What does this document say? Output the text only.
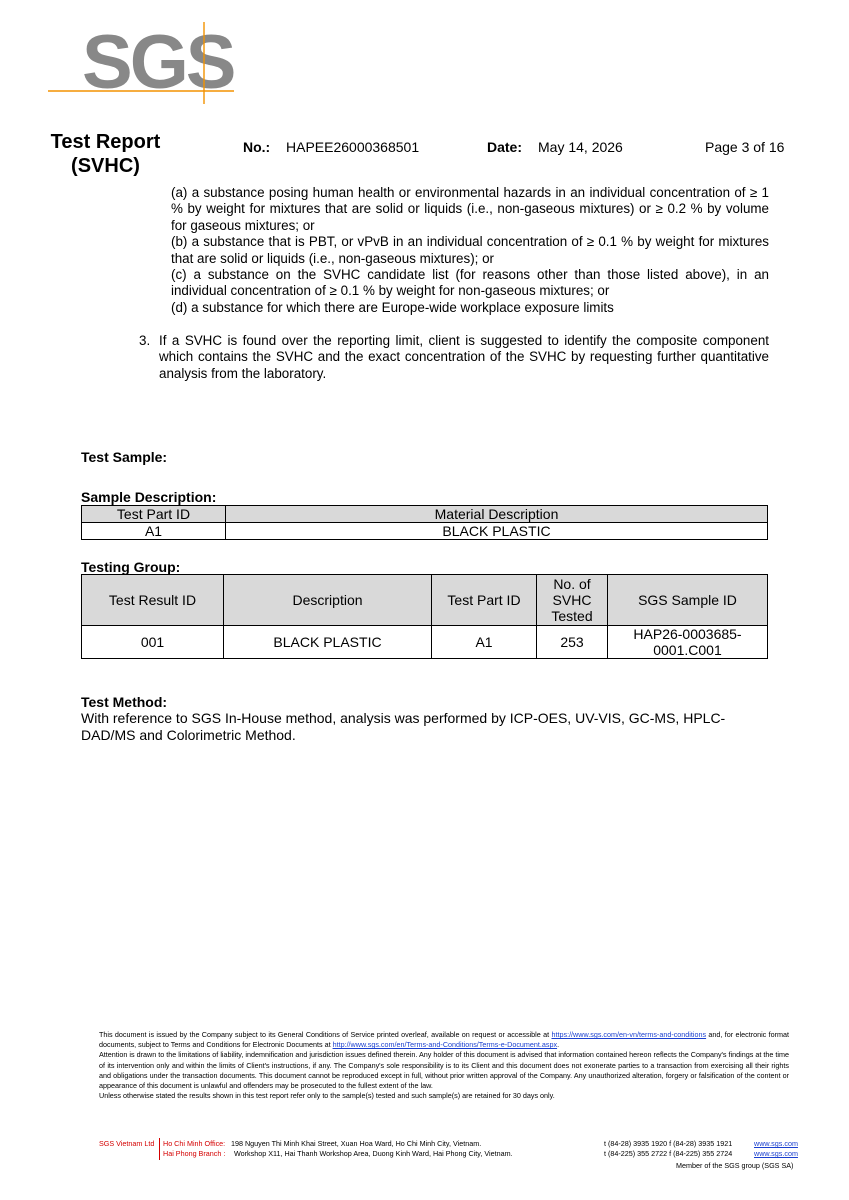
SGS
Test Report
(SVHC)
No.: HAPEE26000368501	Date: May 14, 2026	Page 3 of 16

(a) a substance posing human health or environmental hazards in an individual concentration of ≥ 1 % by weight for mixtures that are solid or liquids (i.e., non-gaseous mixtures) or ≥ 0.2 % by volume for gaseous mixtures; or

(b) a substance that is PBT, or vPvB in an individual concentration of ≥ 0.1 % by weight for mixtures that are solid or liquids (i.e., non-gaseous mixtures); or

(c) a substance on the SVHC candidate list (for reasons other than those listed above), in an individual concentration of ≥ 0.1 % by weight for non-gaseous mixtures; or

(d) a substance for which there are Europe-wide workplace exposure limits

3. If a SVHC is found over the reporting limit, client is suggested to identify the composite component which contains the SVHC and the exact concentration of the SVHC by requesting further quantitative analysis from the laboratory.
Test Sample:
Sample Description:
Test Part ID	Material Description
A1	BLACK PLASTIC
Testing Group:
Test Result ID	Description	Test Part ID	No. of SVHC Tested	SGS Sample ID
001	BLACK PLASTIC	A1	253	HAP26-0003685-0001.C001
Test Method:
With reference to SGS In-House method, analysis was performed by ICP-OES, UV-VIS, GC-MS, HPLC-DAD/MS and Colorimetric Method.
This document is issued by the Company subject to its General Conditions of Service printed overleaf, available on request or accessible at https://www.sgs.com/en-vn/terms-and-conditions and, for electronic format documents, subject to Terms and Conditions for Electronic Documents at http://www.sgs.com/en/Terms-and-Conditions/Terms-e-Document.aspx.
Attention is drawn to the limitations of liability, indemnification and jurisdiction issues defined therein. Any holder of this document is advised that information contained hereon reflects the Company's findings at the time of its intervention only and within the limits of Client's instructions, if any. The Company's sole responsibility is to its Client and this document does not exonerate parties to a transaction from exercising all their rights and obligations under the transaction documents. This document cannot be reproduced except in full, without prior written approval of the Company. Any unauthorized alteration, forgery or falsification of the content or appearance of this document is unlawful and offenders may be prosecuted to the fullest extent of the law.
Unless otherwise stated the results shown in this test report refer only to the sample(s) tested and such sample(s) are retained for 30 days only.
SGS Vietnam Ltd Ho Chi Minh Office: 198 Nguyen Thi Minh Khai Street, Xuan Hoa Ward, Ho Chi Minh City, Vietnam.	t (84-28) 3935 1920 f (84-28) 3935 1921	www.sgs.com
Hai Phong Branch : Workshop X11, Hai Thanh Workshop Area, Duong Kinh Ward, Hai Phong City, Vietnam.	t (84-225) 355 2722 f (84-225) 355 2724	www.sgs.com
Member of the SGS group (SGS SA)
